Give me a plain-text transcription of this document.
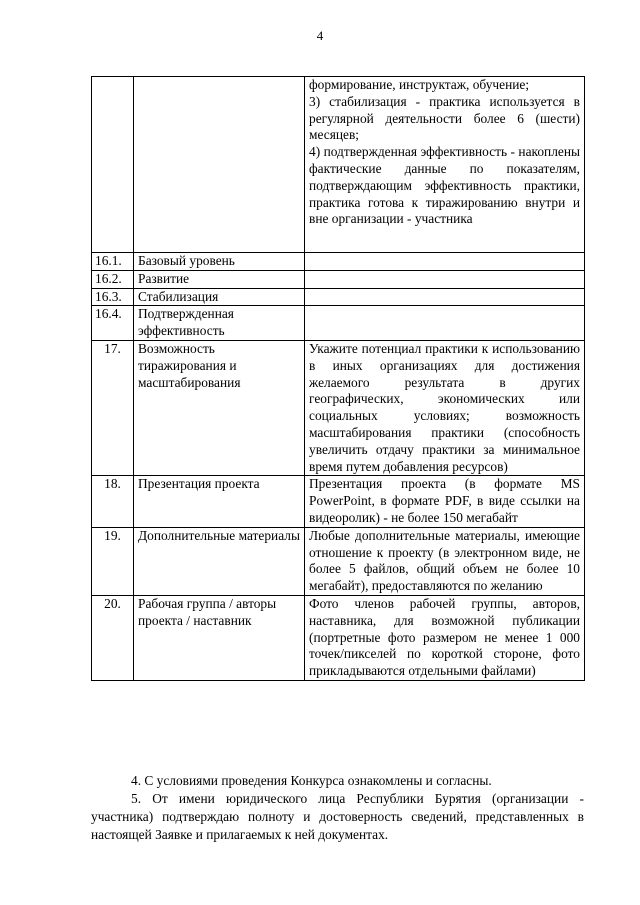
4

		формирование, инструктаж, обучение;
3) стабилизация - практика используется в регулярной деятельности более 6 (шести) месяцев;
4) подтвержденная эффективность - накоплены фактические данные по показателям, подтверждающим эффективность практики, практика готова к тиражированию внутри и вне организации - участника

16.1.	Базовый уровень	
16.2.	Развитие	
16.3.	Стабилизация	
16.4.	Подтвержденная эффективность	
17.	Возможность тиражирования и масштабирования	Укажите потенциал практики к использованию в иных организациях для достижения желаемого результата в других географических, экономических или социальных условиях; возможность масштабирования практики (способность увеличить отдачу практики за минимальное время путем добавления ресурсов)
18.	Презентация проекта	Презентация проекта (в формате MS PowerPoint, в формате PDF, в виде ссылки на видеоролик) - не более 150 мегабайт
19.	Дополнительные материалы	Любые дополнительные материалы, имеющие отношение к проекту (в электронном виде, не более 5 файлов, общий объем не более 10 мегабайт), предоставляются по желанию
20.	Рабочая группа / авторы проекта / наставник	Фото членов рабочей группы, авторов, наставника, для возможной публикации (портретные фото размером не менее 1 000 точек/пикселей по короткой стороне, фото прикладываются отдельными файлами)

4. С условиями проведения Конкурса ознакомлены и согласны.

5. От имени юридического лица Республики Бурятия (организации - участника) подтверждаю полноту и достоверность сведений, представленных в настоящей Заявке и прилагаемых к ней документах.
